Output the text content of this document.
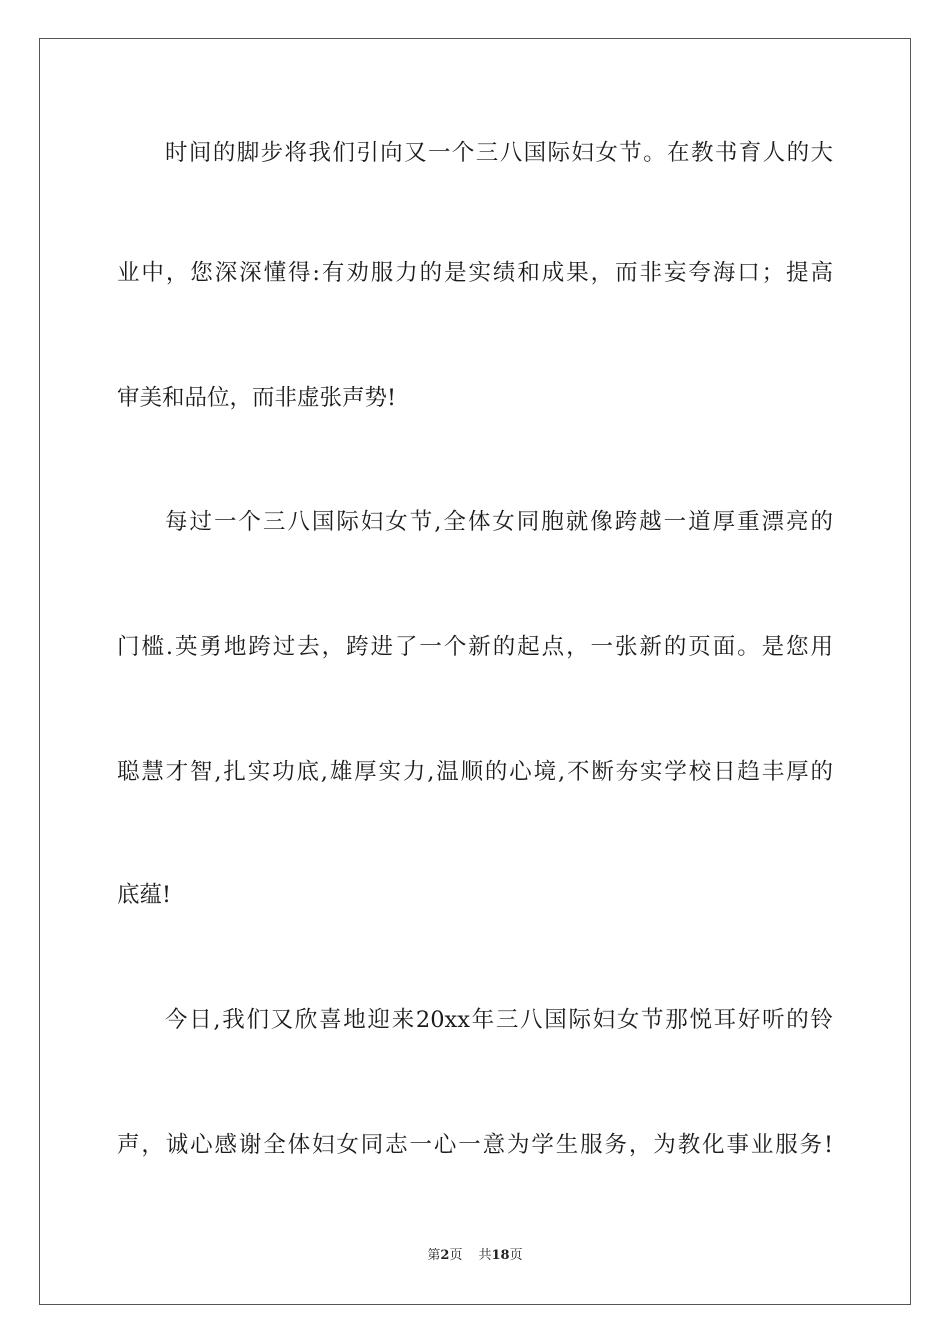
时间的脚步将我们引向又一个三八国际妇女节。在教书育人的大
业中，您深深懂得:有劝服力的是实绩和成果，而非妄夸海口；提高
审美和品位，而非虚张声势!
每过一个三八国际妇女节,全体女同胞就像跨越一道厚重漂亮的
门槛.英勇地跨过去，跨进了一个新的起点，一张新的页面。是您用
聪慧才智,扎实功底,雄厚实力,温顺的心境,不断夯实学校日趋丰厚的
底蕴!
今日,我们又欣喜地迎来20xx年三八国际妇女节那悦耳好听的铃
声，诚心感谢全体妇女同志一心一意为学生服务，为教化事业服务!
第2页 共18页
